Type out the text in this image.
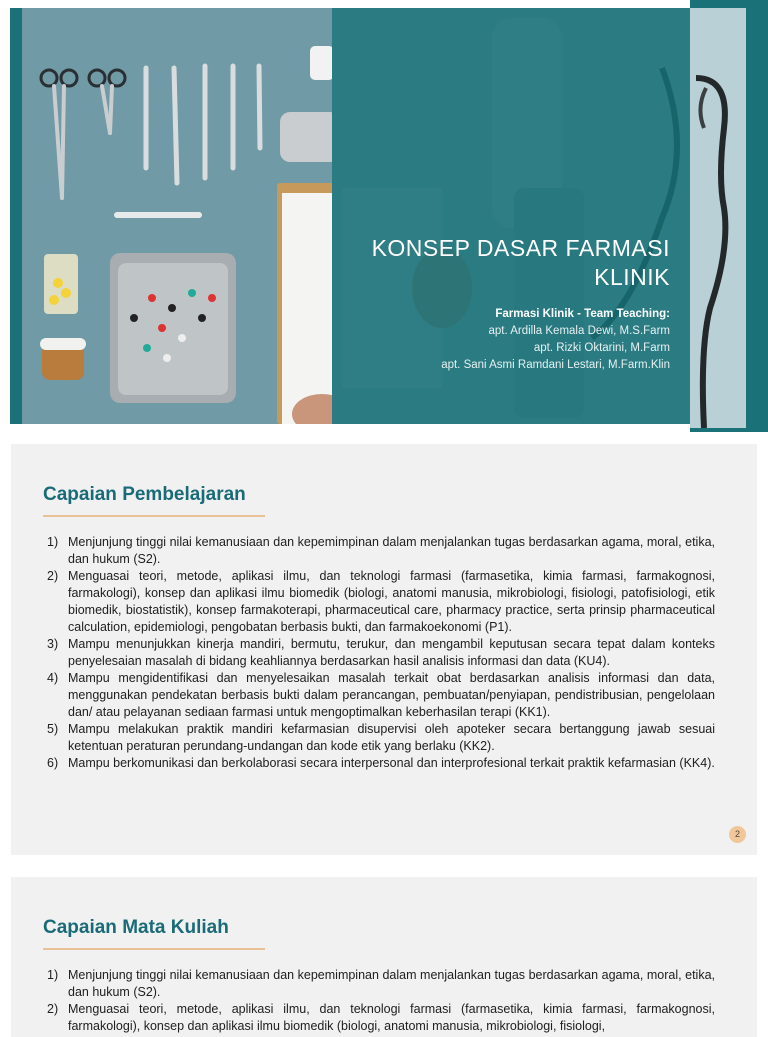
KONSEP DASAR FARMASI
KLINIK
Farmasi Klinik - Team Teaching:
apt. Ardilla Kemala Dewi, M.S.Farm
apt. Rizki Oktarini, M.Farm
apt. Sani Asmi Ramdani Lestari, M.Farm.Klin
Capaian Pembelajaran
1) Menjunjung tinggi nilai kemanusiaan dan kepemimpinan dalam menjalankan tugas berdasarkan agama, moral, etika, dan hukum (S2).
2) Menguasai teori, metode, aplikasi ilmu, dan teknologi farmasi (farmasetika, kimia farmasi, farmakognosi, farmakologi), konsep dan aplikasi ilmu biomedik (biologi, anatomi manusia, mikrobiologi, fisiologi, patofisiologi, etik biomedik, biostatistik), konsep farmakoterapi, pharmaceutical care, pharmacy practice, serta prinsip pharmaceutical calculation, epidemiologi, pengobatan berbasis bukti, dan farmakoekonomi (P1).
3) Mampu menunjukkan kinerja mandiri, bermutu, terukur, dan mengambil keputusan secara tepat dalam konteks penyelesaian masalah di bidang keahliannya berdasarkan hasil analisis informasi dan data (KU4).
4) Mampu mengidentifikasi dan menyelesaikan masalah terkait obat berdasarkan analisis informasi dan data, menggunakan pendekatan berbasis bukti dalam perancangan, pembuatan/penyiapan, pendistribusian, pengelolaan dan/ atau pelayanan sediaan farmasi untuk mengoptimalkan keberhasilan terapi (KK1).
5) Mampu melakukan praktik mandiri kefarmasian disupervisi oleh apoteker secara bertanggung jawab sesuai ketentuan peraturan perundang-undangan dan kode etik yang berlaku (KK2).
6) Mampu berkomunikasi dan berkolaborasi secara interpersonal dan interprofesional terkait praktik kefarmasian (KK4).
2
Capaian Mata Kuliah
1) Menjunjung tinggi nilai kemanusiaan dan kepemimpinan dalam menjalankan tugas berdasarkan agama, moral, etika, dan hukum (S2).
2) Menguasai teori, metode, aplikasi ilmu, dan teknologi farmasi (farmasetika, kimia farmasi, farmakognosi, farmakologi), konsep dan aplikasi ilmu biomedik (biologi, anatomi manusia, mikrobiologi, fisiologi,
